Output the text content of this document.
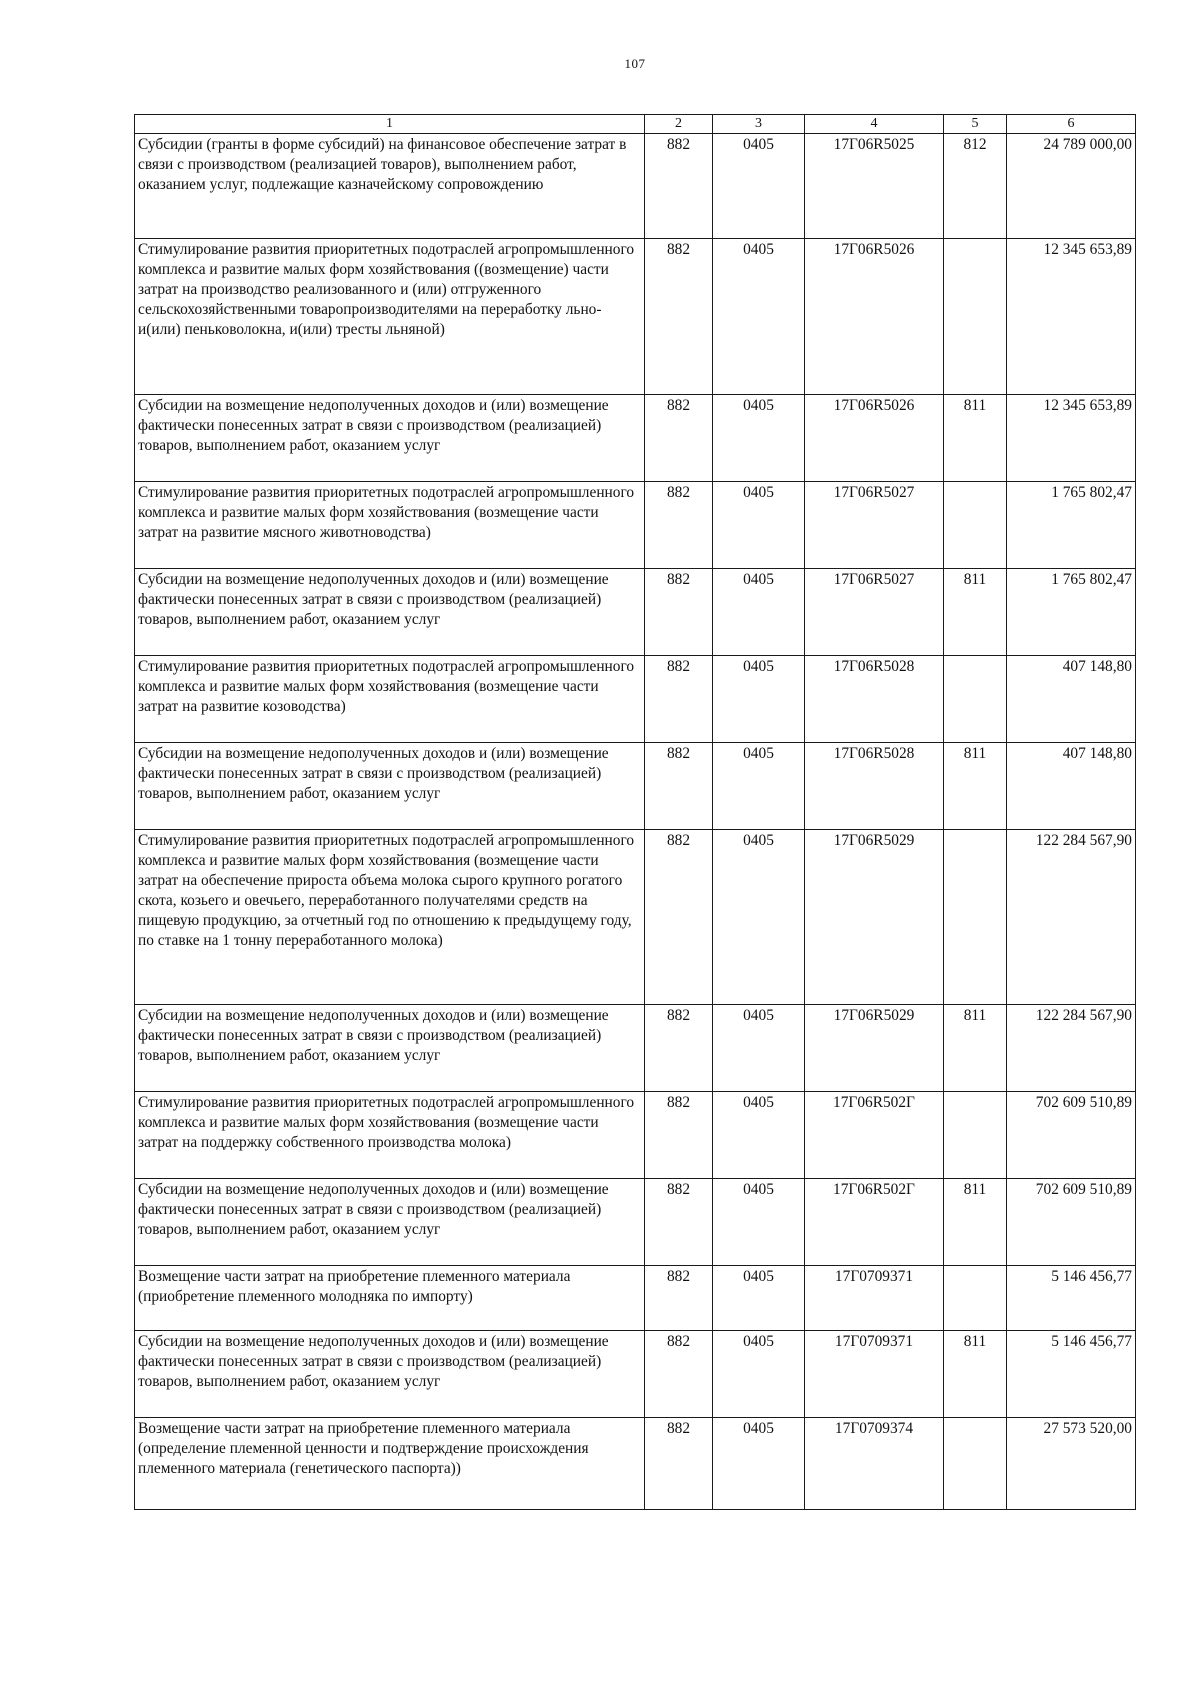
107
1	2	3	4	5	6
Субсидии (гранты в форме субсидий) на финансовое обеспечение затрат в связи с производством (реализацией товаров), выполнением работ, оказанием услуг, подлежащие казначейскому сопровождению	882	0405	17Г06R5025	812	24 789 000,00
Стимулирование развития приоритетных подотраслей агропромышленного комплекса и развитие малых форм хозяйствования ((возмещение) части затрат на производство реализованного и (или) отгруженного сельскохозяйственными товаропроизводителями на переработку льно- и(или) пеньковолокна, и(или) тресты льняной)	882	0405	17Г06R5026		12 345 653,89
Субсидии на возмещение недополученных доходов и (или) возмещение фактически понесенных затрат в связи с производством (реализацией) товаров, выполнением работ, оказанием услуг	882	0405	17Г06R5026	811	12 345 653,89
Стимулирование развития приоритетных подотраслей агропромышленного комплекса и развитие малых форм хозяйствования (возмещение части затрат на развитие мясного животноводства)	882	0405	17Г06R5027		1 765 802,47
Субсидии на возмещение недополученных доходов и (или) возмещение фактически понесенных затрат в связи с производством (реализацией) товаров, выполнением работ, оказанием услуг	882	0405	17Г06R5027	811	1 765 802,47
Стимулирование развития приоритетных подотраслей агропромышленного комплекса и развитие малых форм хозяйствования (возмещение части затрат на развитие козоводства)	882	0405	17Г06R5028		407 148,80
Субсидии на возмещение недополученных доходов и (или) возмещение фактически понесенных затрат в связи с производством (реализацией) товаров, выполнением работ, оказанием услуг	882	0405	17Г06R5028	811	407 148,80
Стимулирование развития приоритетных подотраслей агропромышленного комплекса и развитие малых форм хозяйствования (возмещение части затрат на обеспечение прироста объема молока сырого крупного рогатого скота, козьего и овечьего, переработанного получателями средств на пищевую продукцию, за отчетный год по отношению к предыдущему году, по ставке на 1 тонну переработанного молока)	882	0405	17Г06R5029		122 284 567,90
Субсидии на возмещение недополученных доходов и (или) возмещение фактически понесенных затрат в связи с производством (реализацией) товаров, выполнением работ, оказанием услуг	882	0405	17Г06R5029	811	122 284 567,90
Стимулирование развития приоритетных подотраслей агропромышленного комплекса и развитие малых форм хозяйствования (возмещение части затрат на поддержку собственного производства молока)	882	0405	17Г06R502Г		702 609 510,89
Субсидии на возмещение недополученных доходов и (или) возмещение фактически понесенных затрат в связи с производством (реализацией) товаров, выполнением работ, оказанием услуг	882	0405	17Г06R502Г	811	702 609 510,89
Возмещение части затрат на приобретение племенного материала (приобретение племенного молодняка по импорту)	882	0405	17Г0709371		5 146 456,77
Субсидии на возмещение недополученных доходов и (или) возмещение фактически понесенных затрат в связи с производством (реализацией) товаров, выполнением работ, оказанием услуг	882	0405	17Г0709371	811	5 146 456,77
Возмещение части затрат на приобретение племенного материала (определение племенной ценности и подтверждение происхождения племенного материала (генетического паспорта))	882	0405	17Г0709374		27 573 520,00
